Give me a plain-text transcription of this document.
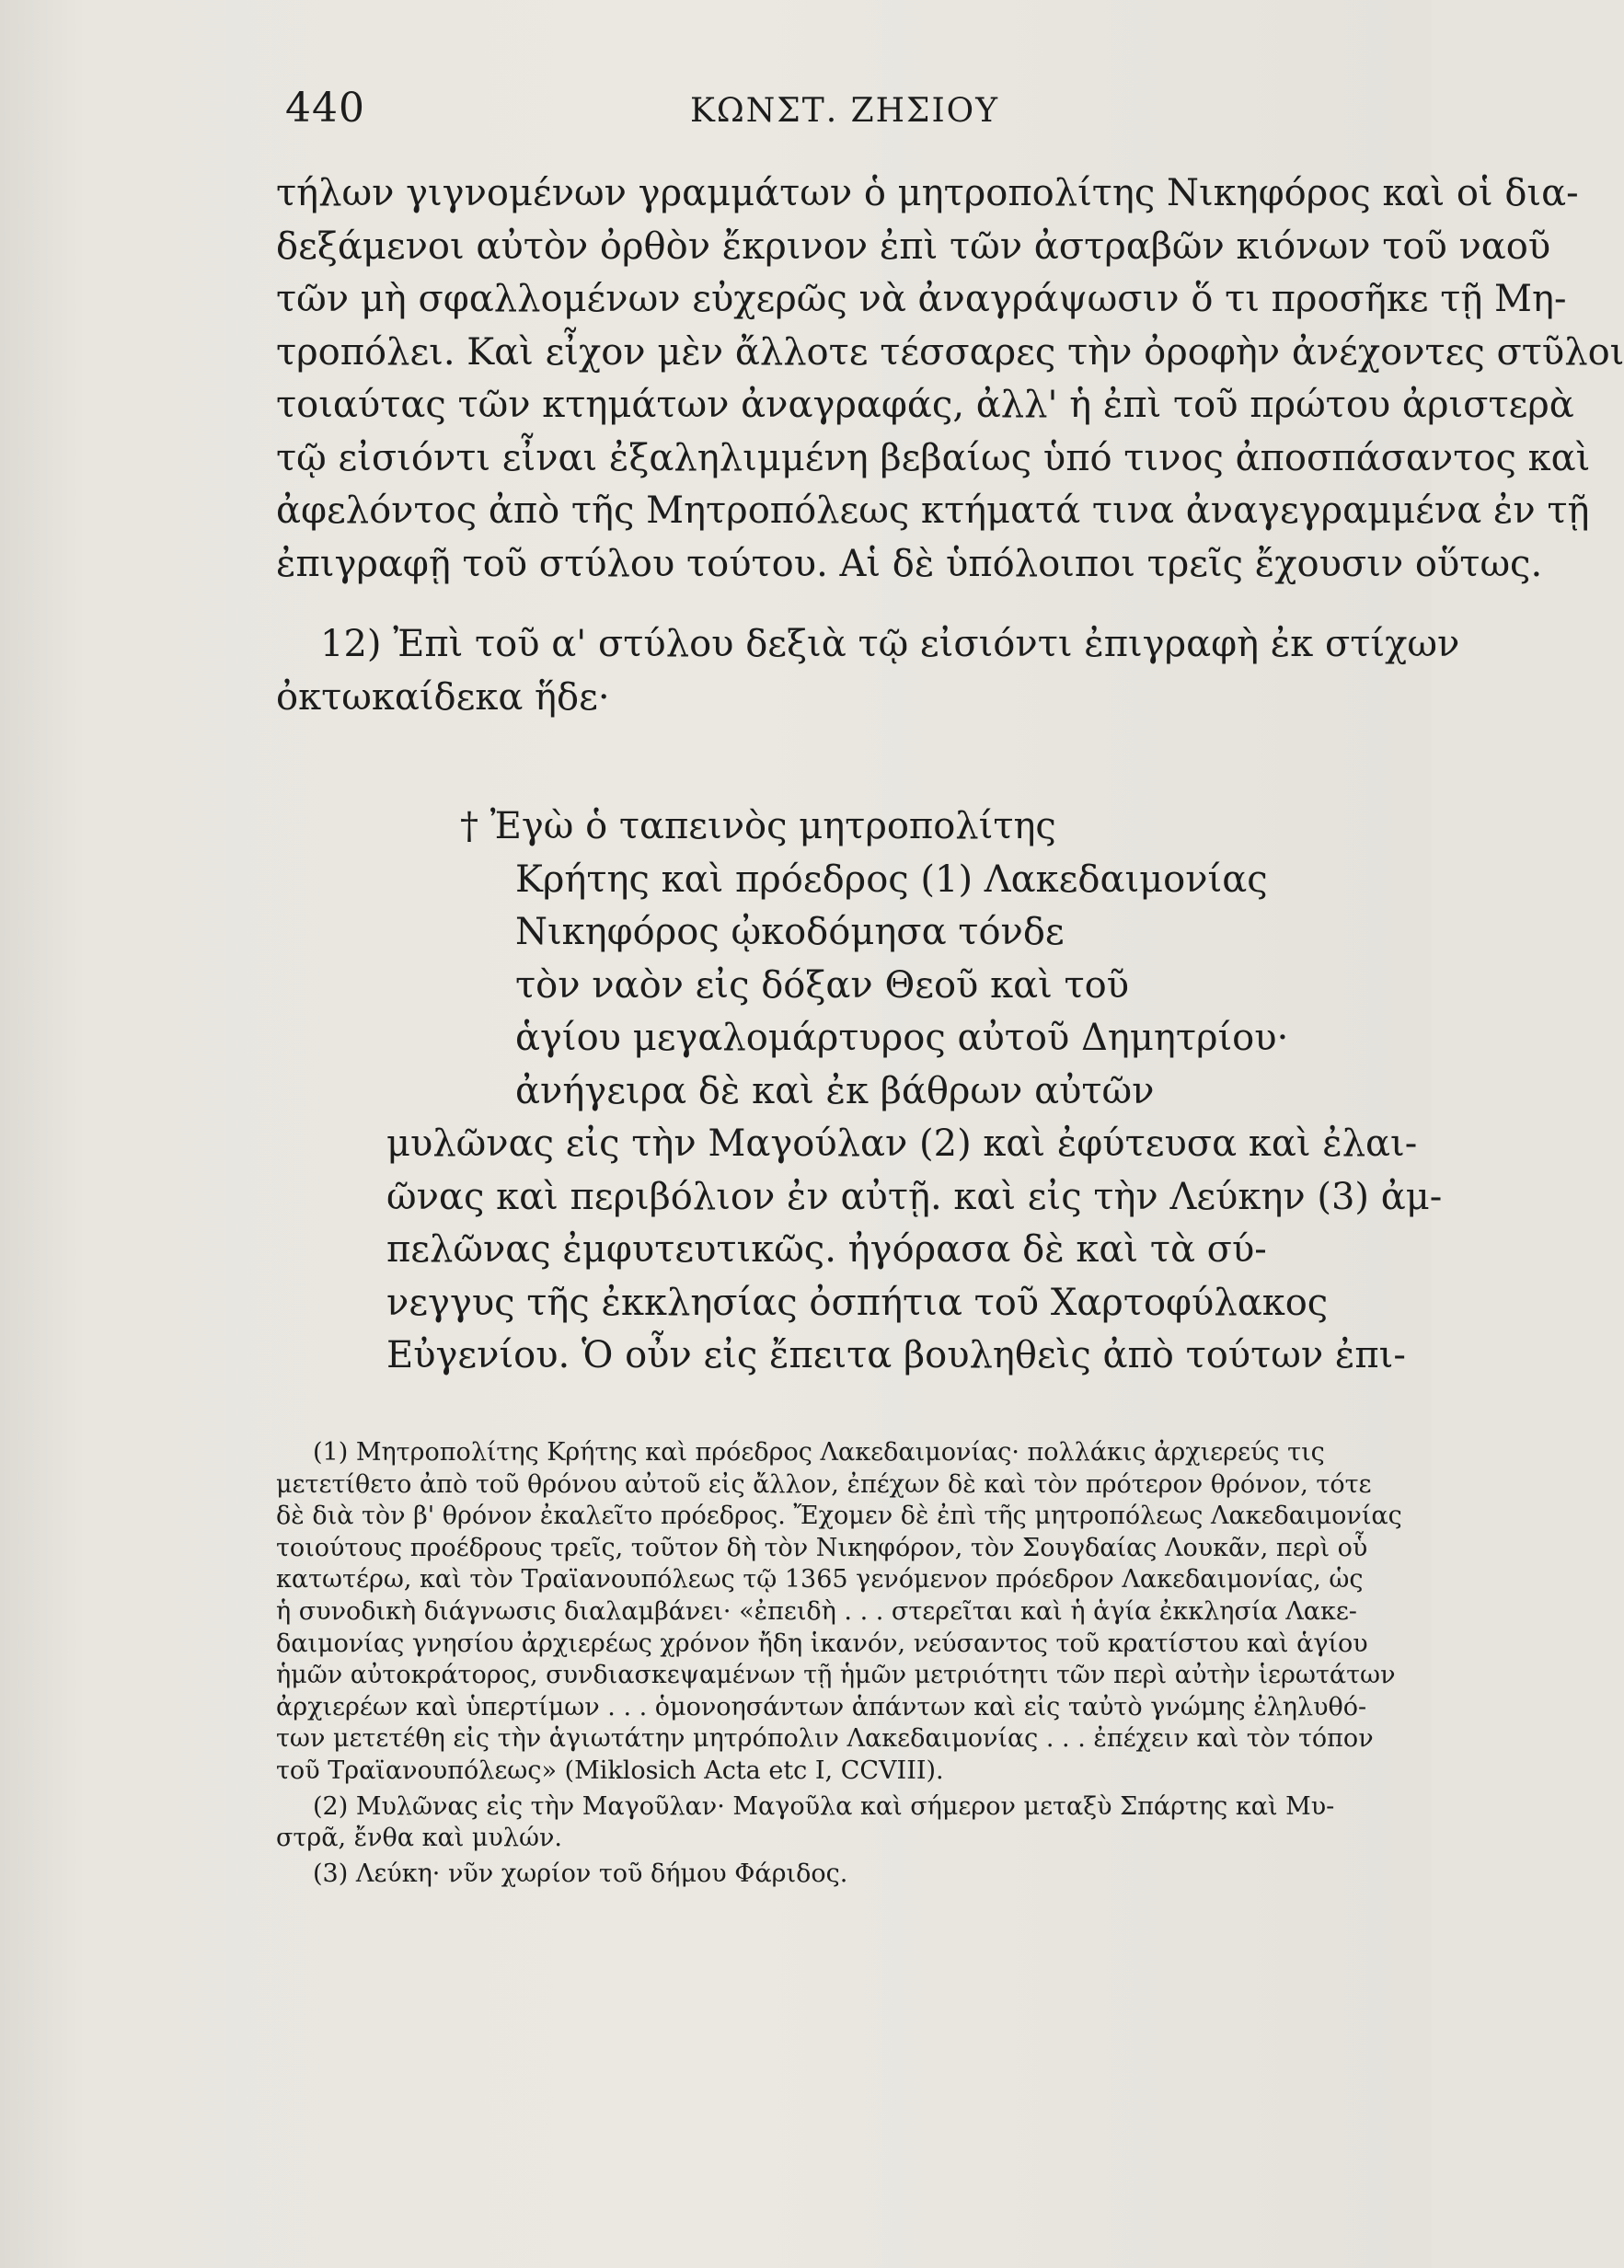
440	ΚΩΝΣΤ. ΖΗΣΙΟΥ
τήλων γιγνομένων γραμμάτων ὁ μητροπολίτης Νικηφόρος καὶ οἱ δια-
δεξάμενοι αὐτὸν ὀρθὸν ἔκρινον ἐπὶ τῶν ἀστραβῶν κιόνων τοῦ ναοῦ
τῶν μὴ σφαλλομένων εὐχερῶς νὰ ἀναγράψωσιν ὅ τι προσῆκε τῇ Μη-
τροπόλει. Καὶ εἶχον μὲν ἄλλοτε τέσσαρες τὴν ὀροφὴν ἀνέχοντες στῦλοι
τοιαύτας τῶν κτημάτων ἀναγραφάς, ἀλλ' ἡ ἐπὶ τοῦ πρώτου ἀριστερὰ
τῷ εἰσιόντι εἶναι ἐξαληλιμμένη βεβαίως ὑπό τινος ἀποσπάσαντος καὶ
ἀφελόντος ἀπὸ τῆς Μητροπόλεως κτήματά τινα ἀναγεγραμμένα ἐν τῇ
ἐπιγραφῇ τοῦ στύλου τούτου. Αἱ δὲ ὑπόλοιποι τρεῖς ἔχουσιν οὕτως.
12) Ἐπὶ τοῦ α' στύλου δεξιὰ τῷ εἰσιόντι ἐπιγραφὴ ἐκ στίχων
ὀκτωκαίδεκα ἥδε·
† Ἐγὼ ὁ ταπεινὸς μητροπολίτης
Κρήτης καὶ πρόεδρος (1) Λακεδαιμονίας
Νικηφόρος ᾠκοδόμησα τόνδε
τὸν ναὸν εἰς δόξαν Θεοῦ καὶ τοῦ
ἁγίου μεγαλομάρτυρος αὐτοῦ Δημητρίου·
ἀνήγειρα δὲ καὶ ἐκ βάθρων αὐτῶν
μυλῶνας εἰς τὴν Μαγούλαν (2) καὶ ἐφύτευσα καὶ ἐλαι-
ῶνας καὶ περιβόλιον ἐν αὐτῇ. καὶ εἰς τὴν Λεύκην (3) ἀμ-
πελῶνας ἐμφυτευτικῶς. ἠγόρασα δὲ καὶ τὰ σύ-
νεγγυς τῆς ἐκκλησίας ὀσπήτια τοῦ Χαρτοφύλακος
Εὐγενίου. Ὁ οὖν εἰς ἔπειτα βουληθεὶς ἀπὸ τούτων ἐπι-
(1) Μητροπολίτης Κρήτης καὶ πρόεδρος Λακεδαιμονίας· πολλάκις ἀρχιερεύς τις
μετετίθετο ἀπὸ τοῦ θρόνου αὐτοῦ εἰς ἄλλον, ἐπέχων δὲ καὶ τὸν πρότερον θρόνον, τότε
δὲ διὰ τὸν β' θρόνον ἐκαλεῖτο πρόεδρος. Ἔχομεν δὲ ἐπὶ τῆς μητροπόλεως Λακεδαιμονίας
τοιούτους προέδρους τρεῖς, τοῦτον δὴ τὸν Νικηφόρον, τὸν Σουγδαίας Λουκᾶν, περὶ οὗ
κατωτέρω, καὶ τὸν Τραϊανουπόλεως τῷ 1365 γενόμενον πρόεδρον Λακεδαιμονίας, ὡς
ἡ συνοδικὴ διάγνωσις διαλαμβάνει· «ἐπειδὴ . . . στερεῖται καὶ ἡ ἁγία ἐκκλησία Λακε-
δαιμονίας γνησίου ἀρχιερέως χρόνον ἤδη ἱκανόν, νεύσαντος τοῦ κρατίστου καὶ ἁγίου
ἡμῶν αὐτοκράτορος, συνδιασκεψαμένων τῇ ἡμῶν μετριότητι τῶν περὶ αὐτὴν ἱερωτάτων
ἀρχιερέων καὶ ὑπερτίμων . . . ὁμονοησάντων ἁπάντων καὶ εἰς ταὐτὸ γνώμης ἐληλυθό-
των μετετέθη εἰς τὴν ἁγιωτάτην μητρόπολιν Λακεδαιμονίας . . . ἐπέχειν καὶ τὸν τόπον
τοῦ Τραϊανουπόλεως» (Miklosich Acta etc I, CCVIII).
(2) Μυλῶνας εἰς τὴν Μαγοῦλαν· Μαγοῦλα καὶ σήμερον μεταξὺ Σπάρτης καὶ Μυ-
στρᾶ, ἔνθα καὶ μυλών.
(3) Λεύκη· νῦν χωρίον τοῦ δήμου Φάριδος.
